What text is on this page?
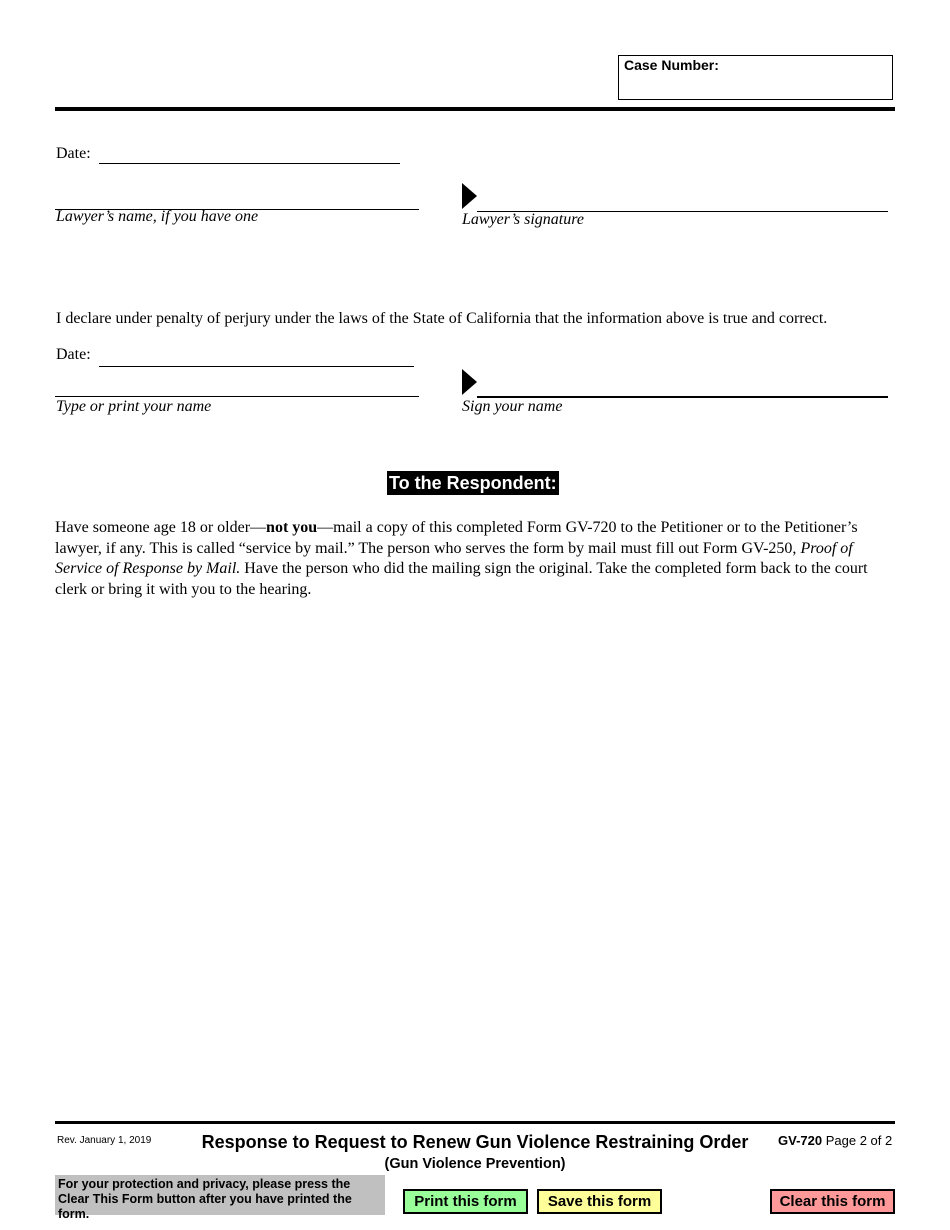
Case Number:
Date:
Lawyer’s name, if you have one	Lawyer’s signature
I declare under penalty of perjury under the laws of the State of California that the information above is true and correct.
Date:
Type or print your name	Sign your name
To the Respondent:
Have someone age 18 or older—not you—mail a copy of this completed Form GV-720 to the Petitioner or to the Petitioner’s lawyer, if any. This is called “service by mail.” The person who serves the form by mail must fill out Form GV-250, Proof of Service of Response by Mail. Have the person who did the mailing sign the original. Take the completed form back to the court clerk or bring it with you to the hearing.
Rev. January 1, 2019	Response to Request to Renew Gun Violence Restraining Order
(Gun Violence Prevention)
GV-720 Page 2 of 2
For your protection and privacy, please press the Clear This Form button after you have printed the form.
Print this form	Save this form	Clear this form
